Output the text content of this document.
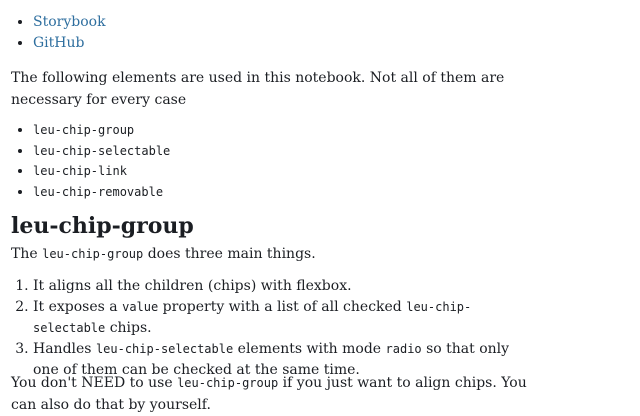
• Storybook
• GitHub

The following elements are used in this notebook. Not all of them are necessary for every case

• leu-chip-group
• leu-chip-selectable
• leu-chip-link
• leu-chip-removable
leu-chip-group

The leu-chip-group does three main things.

1. It aligns all the children (chips) with flexbox.
2. It exposes a value property with a list of all checked leu-chip-selectable chips.
3. Handles leu-chip-selectable elements with mode radio so that only one of them can be checked at the same time.

You don't NEED to use leu-chip-group if you just want to align chips. You can also do that by yourself.
